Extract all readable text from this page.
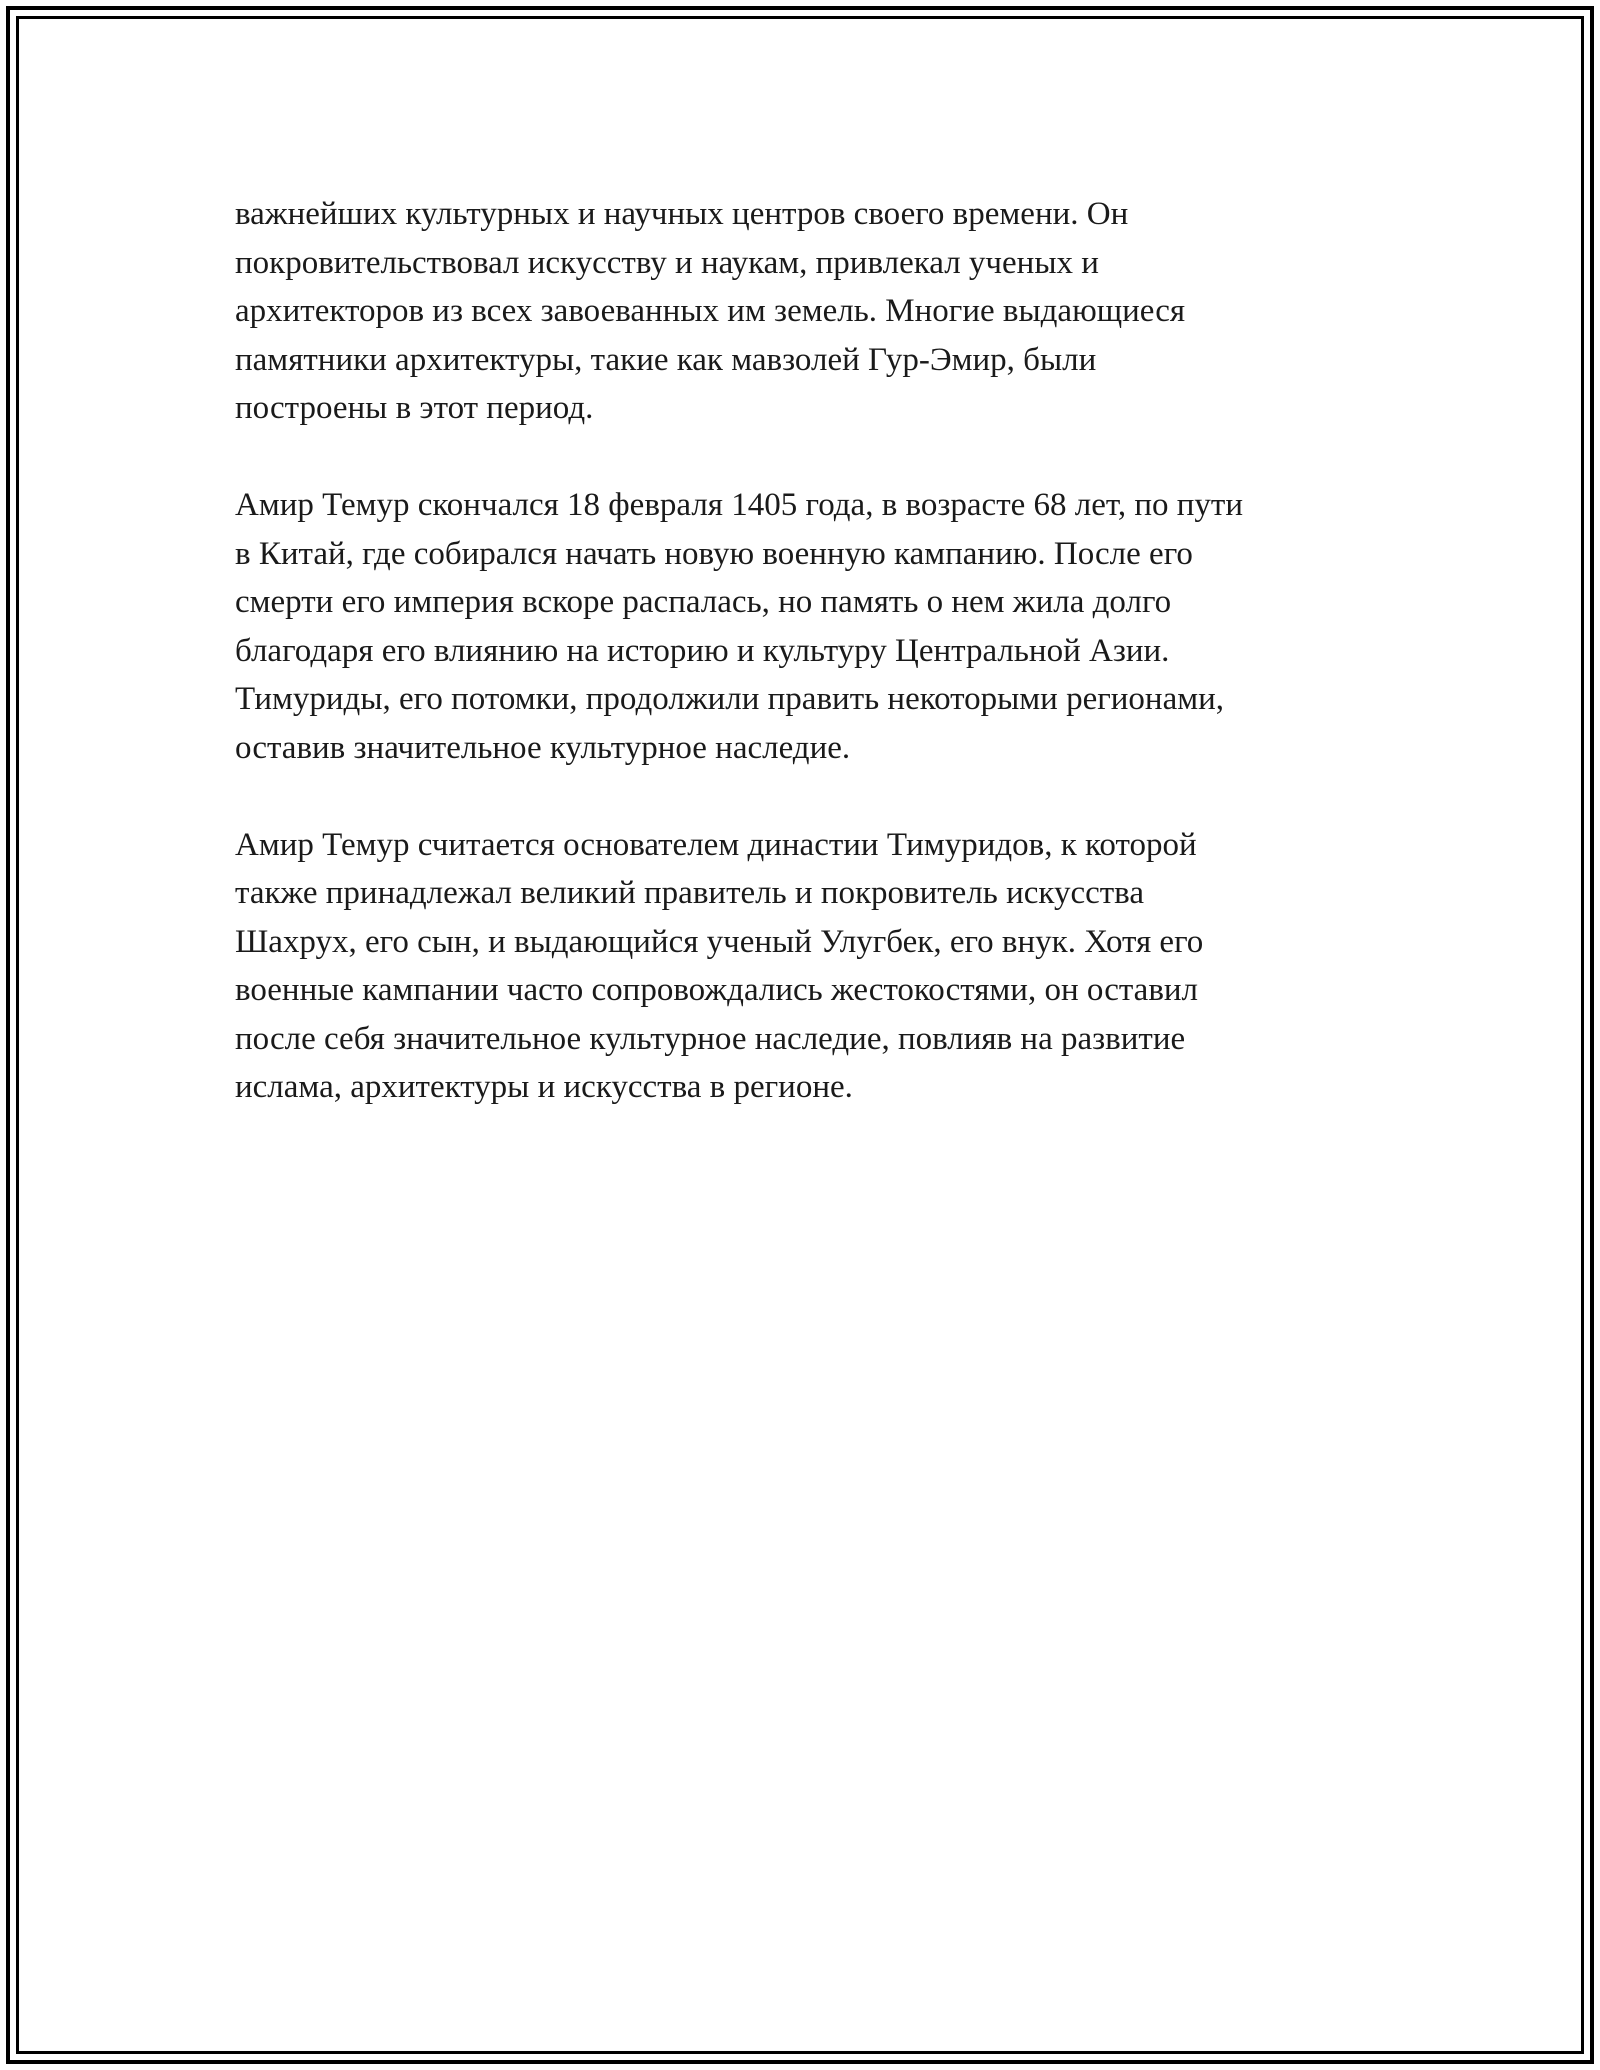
важнейших культурных и научных центров своего времени. Он
покровительствовал искусству и наукам, привлекал ученых и
архитекторов из всех завоеванных им земель. Многие выдающиеся
памятники архитектуры, такие как мавзолей Гур-Эмир, были
построены в этот период.
Амир Темур скончался 18 февраля 1405 года, в возрасте 68 лет, по пути
в Китай, где собирался начать новую военную кампанию. После его
смерти его империя вскоре распалась, но память о нем жила долго
благодаря его влиянию на историю и культуру Центральной Азии.
Тимуриды, его потомки, продолжили править некоторыми регионами,
оставив значительное культурное наследие.
Амир Темур считается основателем династии Тимуридов, к которой
также принадлежал великий правитель и покровитель искусства
Шахрух, его сын, и выдающийся ученый Улугбек, его внук. Хотя его
военные кампании часто сопровождались жестокостями, он оставил
после себя значительное культурное наследие, повлияв на развитие
ислама, архитектуры и искусства в регионе.
